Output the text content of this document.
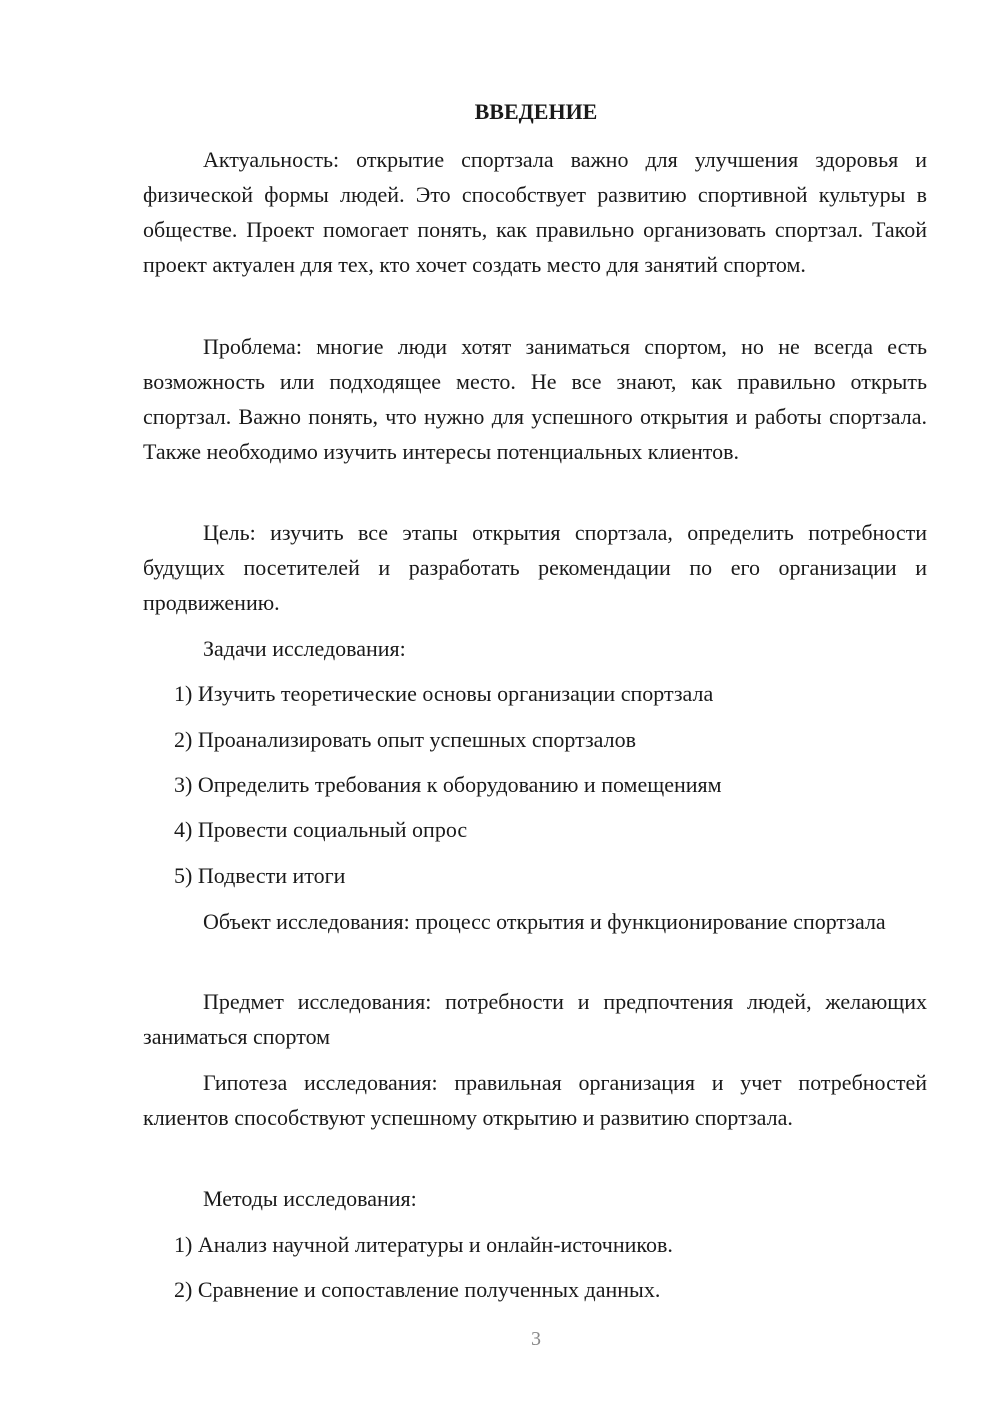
ВВЕДЕНИЕ

Актуальность: открытие спортзала важно для улучшения здоровья и физической формы людей. Это способствует развитию спортивной культуры в обществе. Проект помогает понять, как правильно организовать спортзал. Такой проект актуален для тех, кто хочет создать место для занятий спортом.

Проблема: многие люди хотят заниматься спортом, но не всегда есть возможность или подходящее место. Не все знают, как правильно открыть спортзал. Важно понять, что нужно для успешного открытия и работы спортзала. Также необходимо изучить интересы потенциальных клиентов.

Цель: изучить все этапы открытия спортзала, определить потребности будущих посетителей и разработать рекомендации по его организации и продвижению.

Задачи исследования:

1) Изучить теоретические основы организации спортзала

2) Проанализировать опыт успешных спортзалов

3) Определить требования к оборудованию и помещениям

4) Провести социальный опрос

5) Подвести итоги

Объект исследования: процесс открытия и функционирование спортзала

Предмет исследования: потребности и предпочтения людей, желающих заниматься спортом

Гипотеза исследования: правильная организация и учет потребностей клиентов способствуют успешному открытию и развитию спортзала.

Методы исследования:

1) Анализ научной литературы и онлайн-источников.

2) Сравнение и сопоставление полученных данных.

3
